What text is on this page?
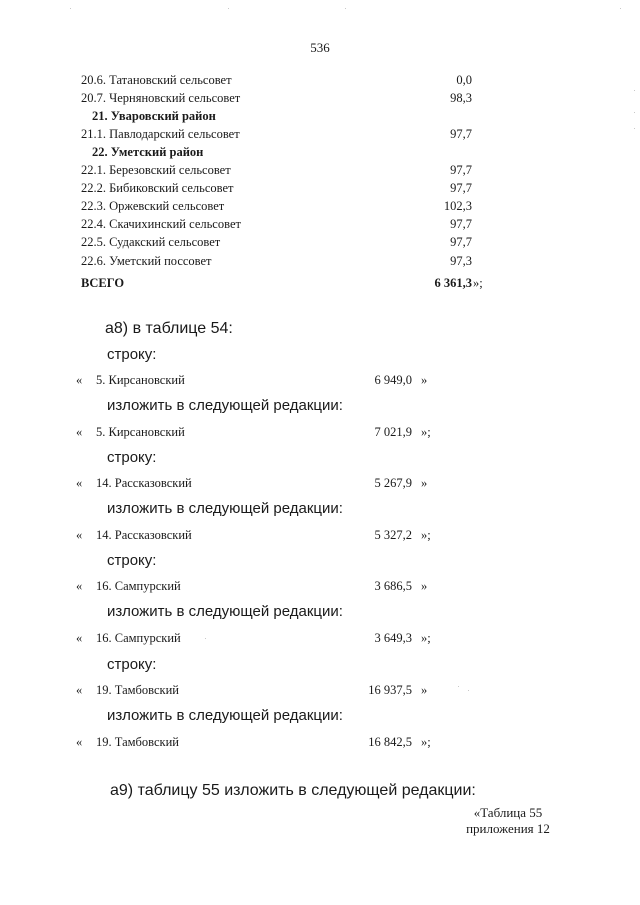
536
20.6. Татановский сельсовет	0,0
20.7. Черняновский сельсовет	98,3
21. Уваровский район
21.1. Павлодарский сельсовет	97,7
22. Уметский район
22.1. Березовский сельсовет	97,7
22.2. Бибиковский сельсовет	97,7
22.3. Оржевский сельсовет	102,3
22.4. Скачихинский сельсовет	97,7
22.5. Судакский сельсовет	97,7
22.6. Уметский поссовет	97,3
ВСЕГО	6 361,3 »;
а8) в таблице 54:
строку:
« 5. Кирсановский	6 949,0 »
изложить в следующей редакции:
« 5. Кирсановский	7 021,9 »;
строку:
« 14. Рассказовский	5 267,9 »
изложить в следующей редакции:
« 14. Рассказовский	5 327,2 »;
строку:
« 16. Сампурский	3 686,5 »
изложить в следующей редакции:
« 16. Сампурский	3 649,3 »;
строку:
« 19. Тамбовский	16 937,5 »
изложить в следующей редакции:
« 19. Тамбовский	16 842,5 »;
а9) таблицу 55 изложить в следующей редакции:
«Таблица 55
приложения 12
